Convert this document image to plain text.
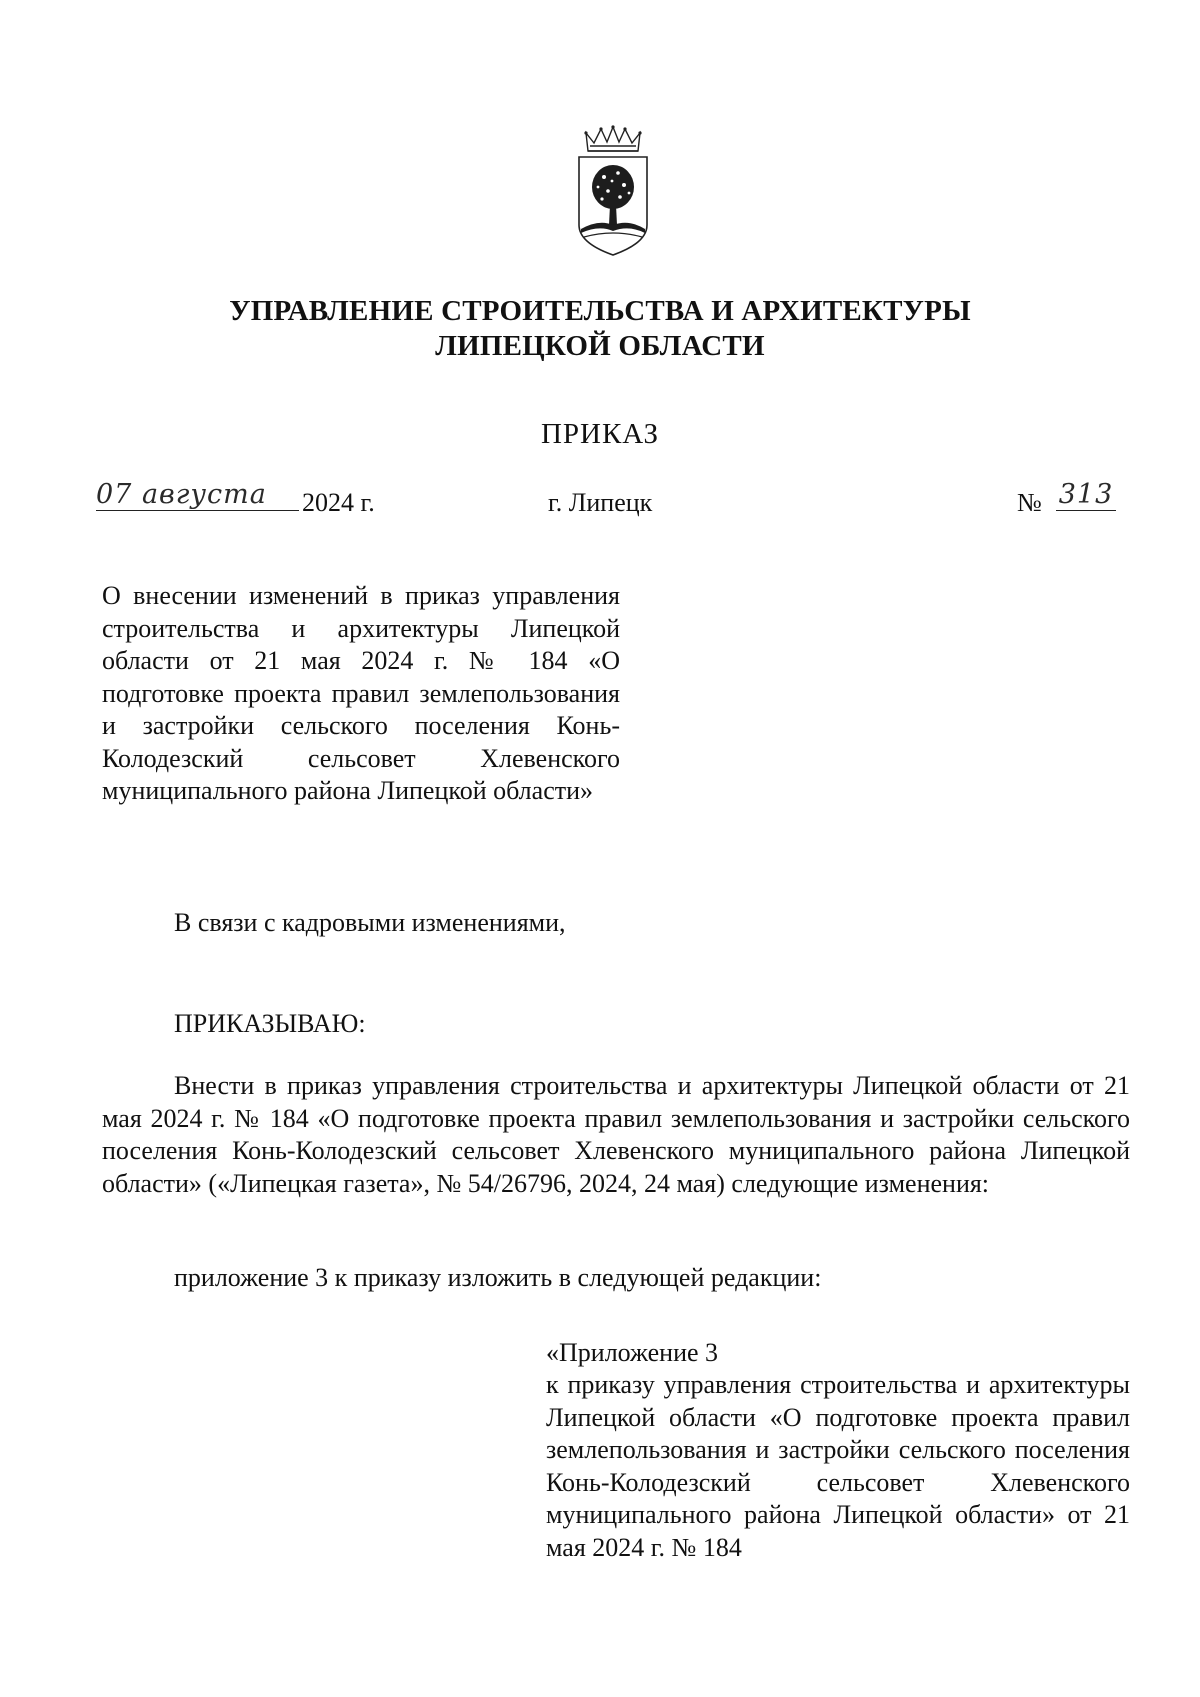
УПРАВЛЕНИЕ СТРОИТЕЛЬСТВА И АРХИТЕКТУРЫ
ЛИПЕЦКОЙ ОБЛАСТИ
ПРИКАЗ
07 августа	2024 г.	г. Липецк	№ 313
О внесении изменений в приказ управления строительства и архитектуры Липецкой области от 21 мая 2024 г. № 184 «О подготовке проекта правил землепользования и застройки сельского поселения Конь-Колодезский сельсовет Хлевенского муниципального района Липецкой области»
В связи с кадровыми изменениями,
ПРИКАЗЫВАЮ:
Внести в приказ управления строительства и архитектуры Липецкой области от 21 мая 2024 г. № 184 «О подготовке проекта правил землепользования и застройки сельского поселения Конь-Колодезский сельсовет Хлевенского муниципального района Липецкой области» («Липецкая газета», № 54/26796, 2024, 24 мая) следующие изменения:
приложение 3 к приказу изложить в следующей редакции:
«Приложение 3
к приказу управления строительства и архитектуры Липецкой области «О подготовке проекта правил землепользования и застройки сельского поселения Конь-Колодезский сельсовет Хлевенского муниципального района Липецкой области» от 21 мая 2024 г. № 184
